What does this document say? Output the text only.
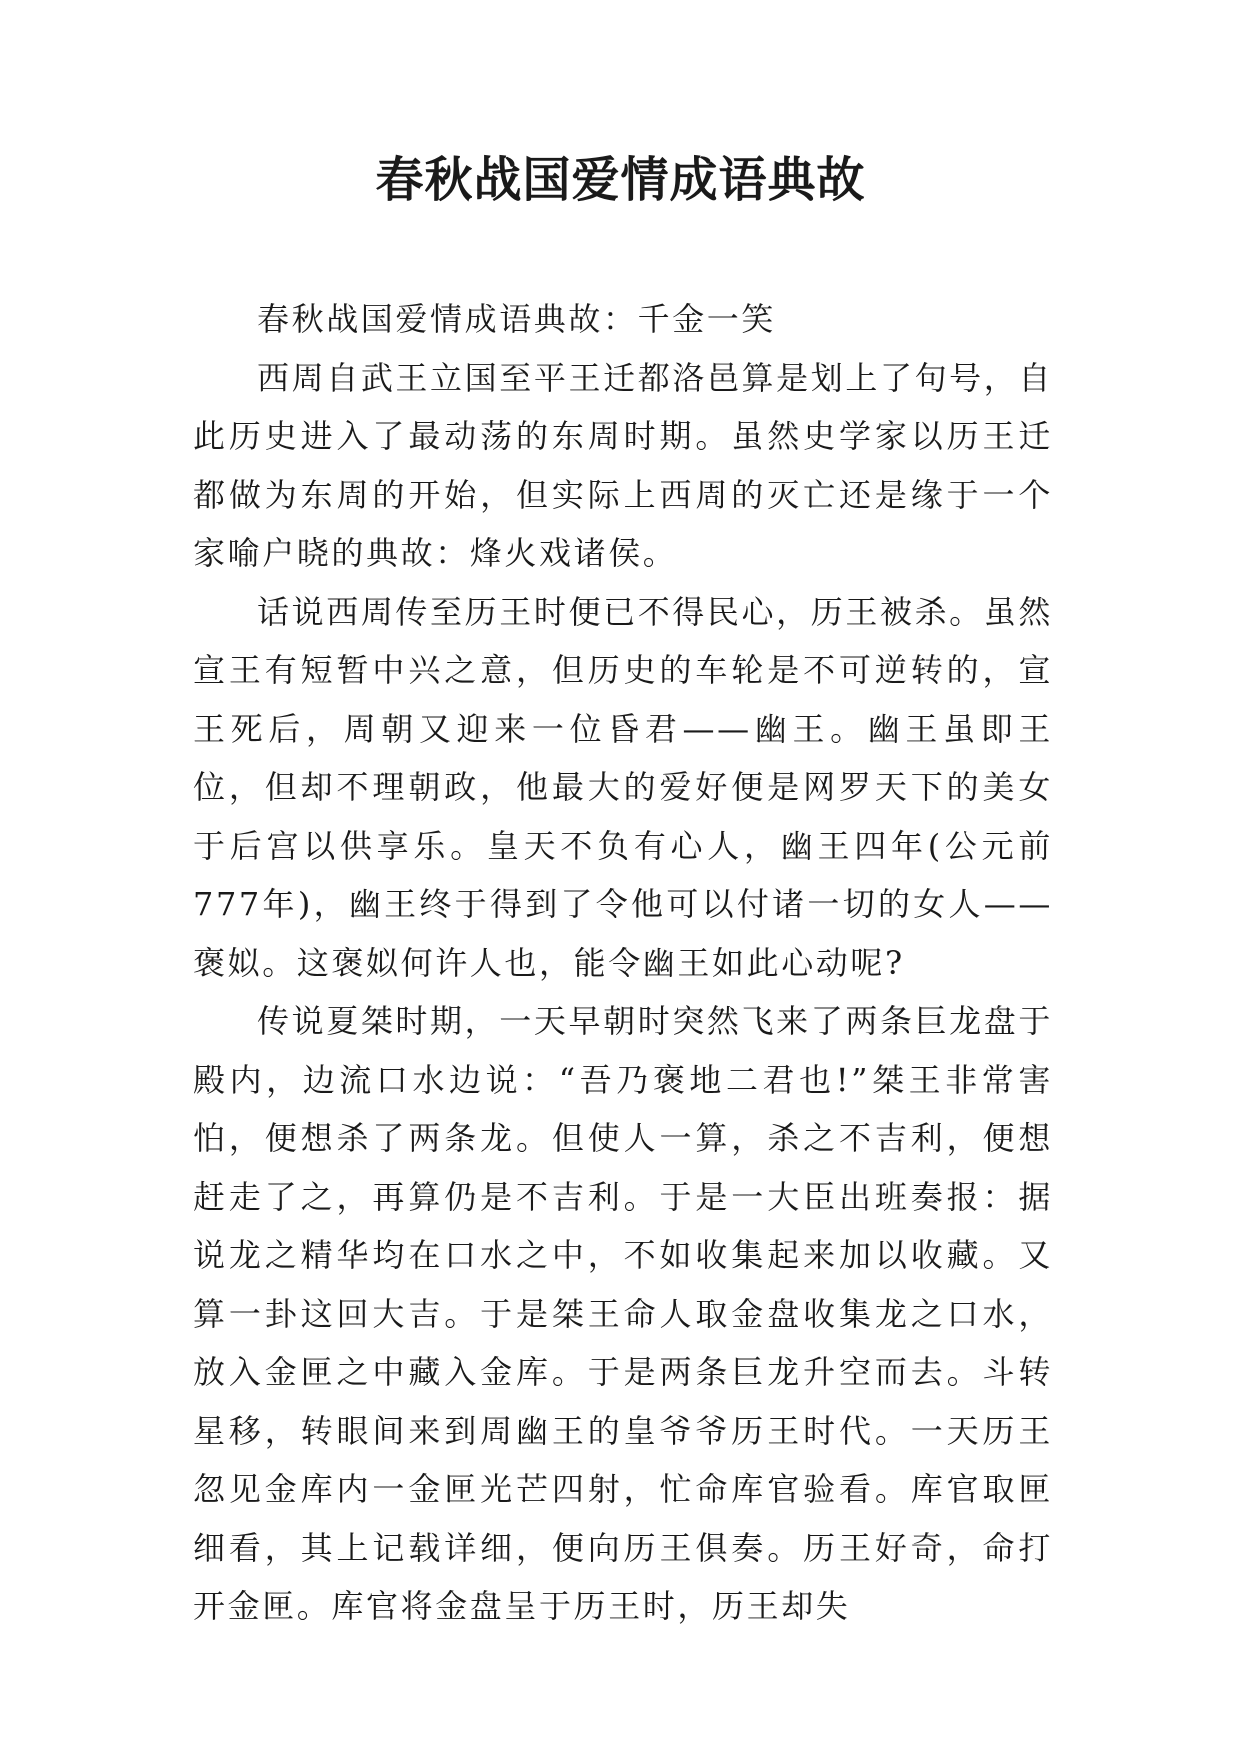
春秋战国爱情成语典故

春秋战国爱情成语典故：千金一笑

西周自武王立国至平王迁都洛邑算是划上了句号，自此历史进入了最动荡的东周时期。虽然史学家以历王迁都做为东周的开始，但实际上西周的灭亡还是缘于一个家喻户晓的典故：烽火戏诸侯。

话说西周传至历王时便已不得民心，历王被杀。虽然宣王有短暂中兴之意，但历史的车轮是不可逆转的，宣王死后，周朝又迎来一位昏君——幽王。幽王虽即王位，但却不理朝政，他最大的爱好便是网罗天下的美女于后宫以供享乐。皇天不负有心人，幽王四年(公元前777年)，幽王终于得到了令他可以付诸一切的女人——褒姒。这褒姒何许人也，能令幽王如此心动呢?

传说夏桀时期，一天早朝时突然飞来了两条巨龙盘于殿内，边流口水边说：“吾乃褒地二君也!”桀王非常害怕，便想杀了两条龙。但使人一算，杀之不吉利，便想赶走了之，再算仍是不吉利。于是一大臣出班奏报：据说龙之精华均在口水之中，不如收集起来加以收藏。又算一卦这回大吉。于是桀王命人取金盘收集龙之口水，放入金匣之中藏入金库。于是两条巨龙升空而去。斗转星移，转眼间来到周幽王的皇爷爷历王时代。一天历王忽见金库内一金匣光芒四射，忙命库官验看。库官取匣细看，其上记载详细，便向历王俱奏。历王好奇，命打开金匣。库官将金盘呈于历王时，历王却失
